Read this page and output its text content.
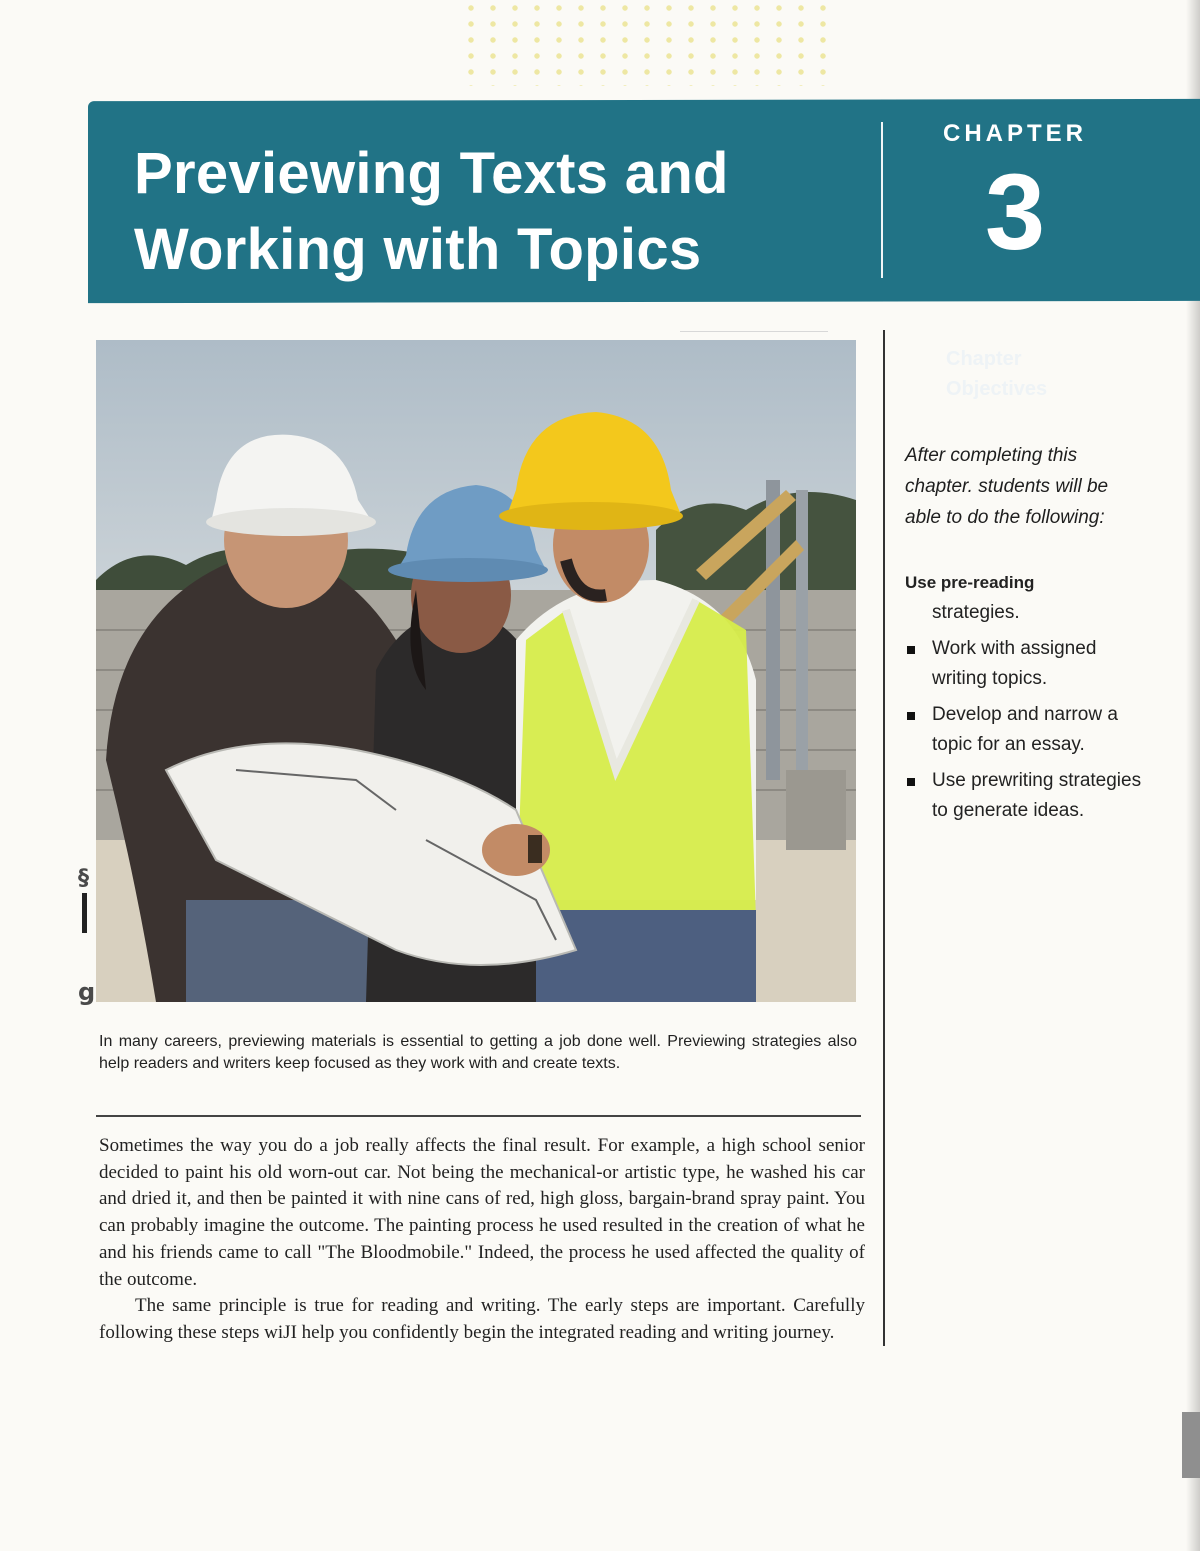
Previewing Texts and
Working with Topics
CHAPTER
3
§
g
In many careers, previewing materials is essential to getting a job done well. Previewing strategies also help readers and writers keep focused as they work with and create texts.

Sometimes the way you do a job really affects the final result. For example, a high school senior decided to paint his old worn-out car. Not being the mechanical-or artistic type, he washed his car and dried it, and then be painted it with nine cans of red, high gloss, bargain-brand spray paint. You can probably imagine the outcome. The painting process he used resulted in the creation of what he and his friends came to call "The Bloodmobile." Indeed, the process he used affected the quality of the outcome.

The same principle is true for reading and writing. The early steps are important. Carefully following these steps wiJI help you confidently begin the integrated reading and writing journey.

Chapter
Objectives
After completing this chapter. students will be able to do the following:
Use pre-reading
strategies.
Work with assigned writing topics.
Develop and narrow a topic for an essay.
Use prewriting strategies to generate ideas.
